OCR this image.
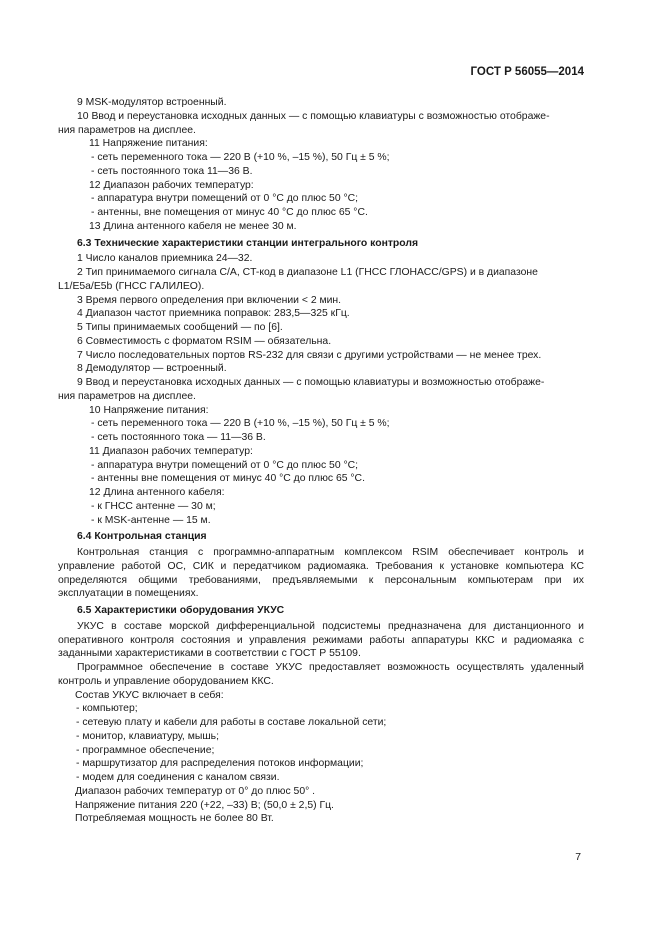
ГОСТ Р 56055—2014
9 MSK-модулятор встроенный.
10 Ввод и переустановка исходных данных — с помощью клавиатуры с возможностью отображе-
ния параметров на дисплее.
11 Напряжение питания:
- сеть переменного тока — 220 В (+10 %, –15 %), 50 Гц ± 5 %;
- сеть постоянного тока 11—36 В.
12 Диапазон рабочих температур:
- аппаратура внутри помещений от 0 °С до плюс 50 °С;
- антенны, вне помещения от минус 40 °С до плюс 65 °С.
13 Длина антенного кабеля не менее 30 м.
6.3 Технические характеристики станции интегрального контроля
1 Число каналов приемника 24—32.
2 Тип принимаемого сигнала C/A, CT-код в диапазоне L1 (ГНСС ГЛОНАСС/GPS) и в диапазоне
L1/E5a/E5b (ГНСС ГАЛИЛЕО).
3 Время первого определения при включении < 2 мин.
4 Диапазон частот приемника поправок: 283,5—325 кГц.
5 Типы принимаемых сообщений — по [6].
6 Совместимость с форматом RSIM — обязательна.
7 Число последовательных портов RS-232 для связи с другими устройствами — не менее трех.
8 Демодулятор — встроенный.
9 Ввод и переустановка исходных данных — с помощью клавиатуры и возможностью отображе-
ния параметров на дисплее.
10 Напряжение питания:
- сеть переменного тока — 220 В (+10 %, –15 %), 50 Гц ± 5 %;
- сеть постоянного тока — 11—36 В.
11 Диапазон рабочих температур:
- аппаратура внутри помещений от 0 °С до плюс 50 °С;
- антенны вне помещения от минус 40 °С до плюс 65 °С.
12 Длина антенного кабеля:
- к ГНСС антенне — 30 м;
- к MSK-антенне — 15 м.
6.4 Контрольная станция
Контрольная станция с программно-аппаратным комплексом RSIM обеспечивает контроль и управление работой ОС, СИК и передатчиком радиомаяка. Требования к установке компьютера КС определяются общими требованиями, предъявляемыми к персональным компьютерам при их эксплуатации в помещениях.
6.5 Характеристики оборудования УКУС
УКУС в составе морской дифференциальной подсистемы предназначена для дистанционного и оперативного контроля состояния и управления режимами работы аппаратуры ККС и радиомаяка с заданными характеристиками в соответствии с ГОСТ Р 55109.
Программное обеспечение в составе УКУС предоставляет возможность осуществлять удаленный контроль и управление оборудованием ККС.
Состав УКУС включает в себя:
- компьютер;
- сетевую плату и кабели для работы в составе локальной сети;
- монитор, клавиатуру, мышь;
- программное обеспечение;
- маршрутизатор для распределения потоков информации;
- модем для соединения с каналом связи.
Диапазон рабочих температур от 0° до плюс 50° .
Напряжение питания 220 (+22, –33) В; (50,0 ± 2,5) Гц.
Потребляемая мощность не более 80 Вт.
7
